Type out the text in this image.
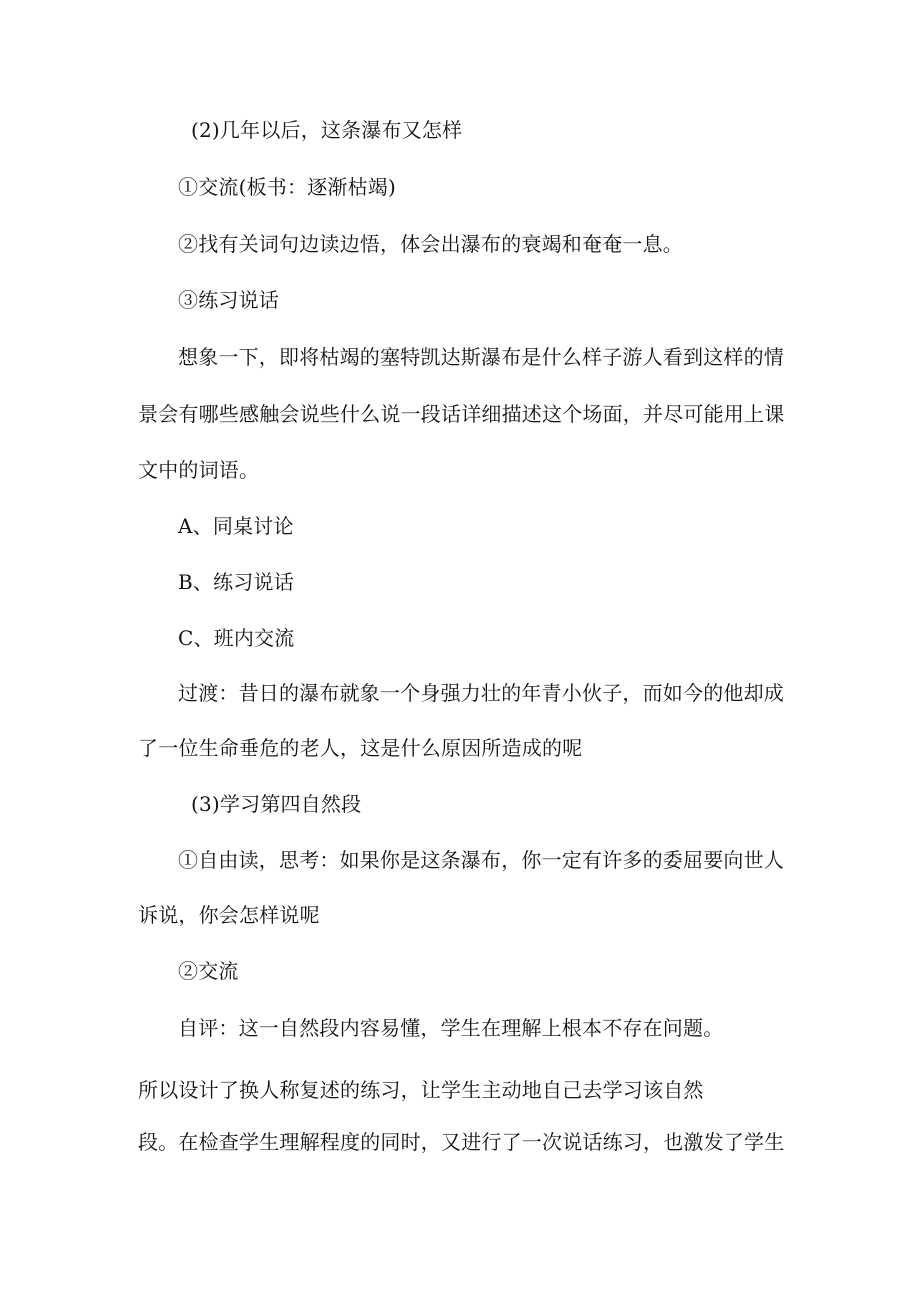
(2)几年以后，这条瀑布又怎样
①交流(板书：逐渐枯竭)
②找有关词句边读边悟，体会出瀑布的衰竭和奄奄一息。
③练习说话
想象一下，即将枯竭的塞特凯达斯瀑布是什么样子游人看到这样的情
景会有哪些感触会说些什么说一段话详细描述这个场面，并尽可能用上课
文中的词语。
A、同桌讨论
B、练习说话
C、班内交流
过渡：昔日的瀑布就象一个身强力壮的年青小伙子，而如今的他却成
了一位生命垂危的老人，这是什么原因所造成的呢
(3)学习第四自然段
①自由读，思考：如果你是这条瀑布，你一定有许多的委屈要向世人
诉说，你会怎样说呢
②交流
自评：这一自然段内容易懂，学生在理解上根本不存在问题。
所以设计了换人称复述的练习，让学生主动地自己去学习该自然
段。在检查学生理解程度的同时，又进行了一次说话练习，也激发了学生
